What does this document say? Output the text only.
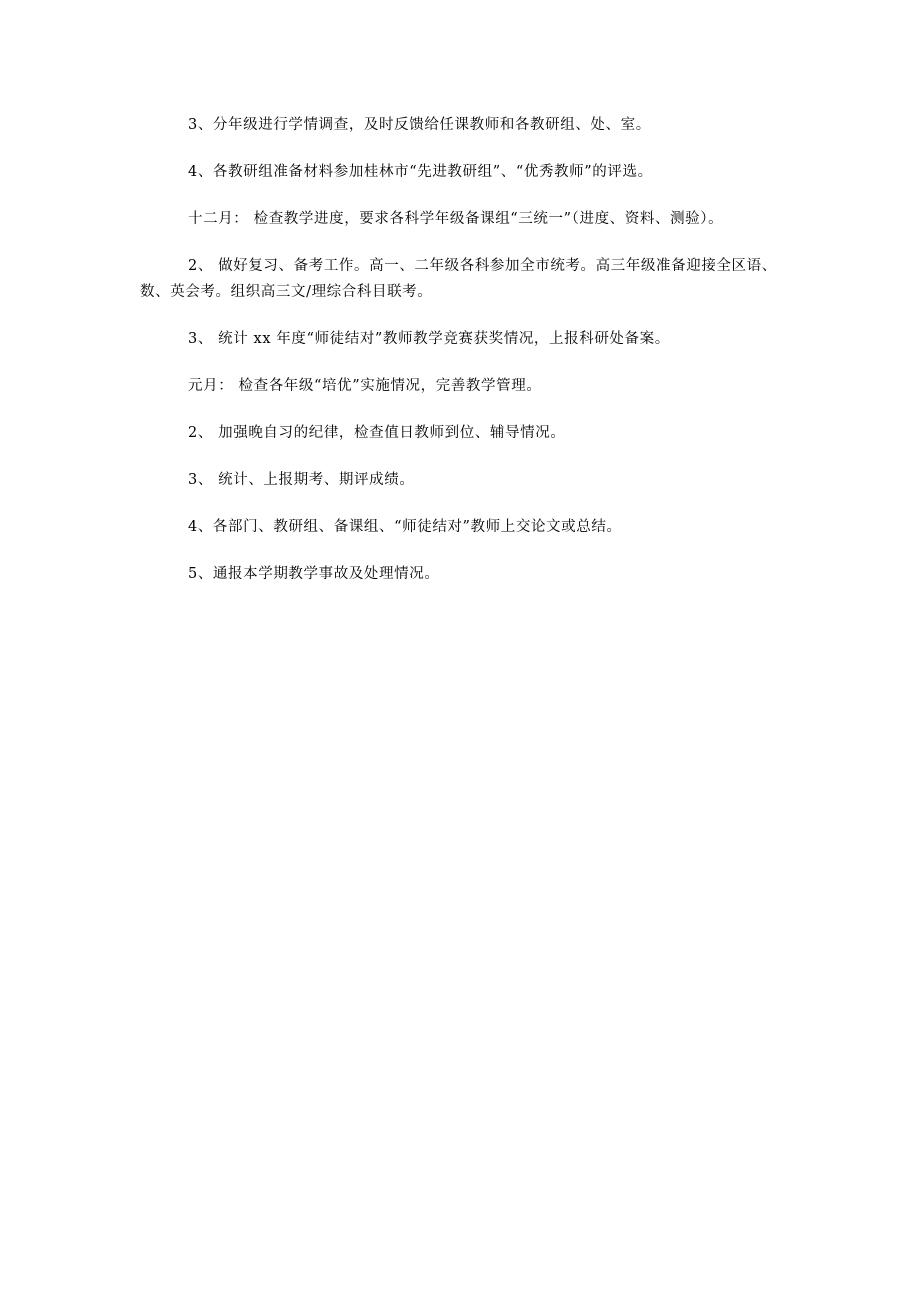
3、分年级进行学情调查，及时反馈给任课教师和各教研组、处、室。

4、各教研组准备材料参加桂林市“先进教研组”、“优秀教师”的评选。

十二月： 检查教学进度，要求各科学年级备课组“三统一”（进度、资料、测验）。

2、 做好复习、备考工作。高一、二年级各科参加全市统考。高三年级准备迎接全区语、数、英会考。组织高三文/理综合科目联考。

3、 统计 xx 年度“师徒结对”教师教学竞赛获奖情况，上报科研处备案。

元月： 检查各年级“培优”实施情况，完善教学管理。

2、 加强晚自习的纪律，检查值日教师到位、辅导情况。

3、 统计、上报期考、期评成绩。

4、各部门、教研组、备课组、“师徒结对”教师上交论文或总结。

5、通报本学期教学事故及处理情况。
